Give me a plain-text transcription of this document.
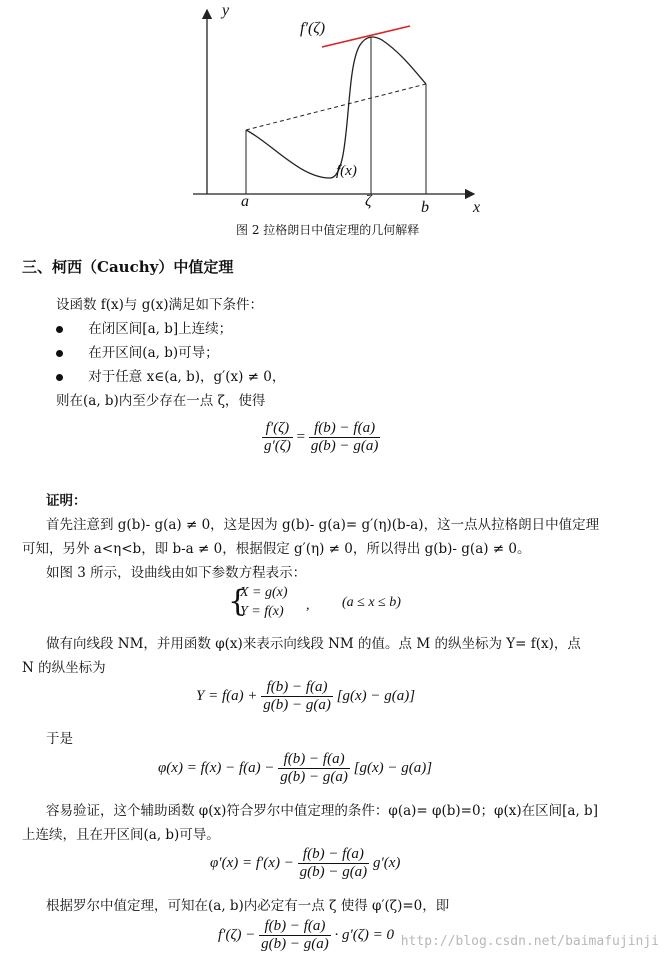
y
x
f′(ζ)
f(x)
a	ζ	b
图 2 拉格朗日中值定理的几何解释
三、柯西（Cauchy）中值定理
设函数 f(x)与 g(x)满足如下条件：
在闭区间[a, b]上连续；
在开区间(a, b)可导；
对于任意 x∈(a, b)，g′(x) ≠ 0，
则在(a, b)内至少存在一点 ζ，使得
$\frac{f'(\zeta)}{g'(\zeta)} = \frac{f(b) - f(a)}{g(b) - g(a)}$
证明：
首先注意到 g(b)- g(a) ≠ 0，这是因为 g(b)- g(a)= g′(η)(b-a)，这一点从拉格朗日中值定理
可知，另外 a<η<b，即 b-a ≠ 0，根据假定 g′(η) ≠ 0，所以得出 g(b)- g(a) ≠ 0。
如图 3 所示，设曲线由如下参数方程表示：
{
X = g(x)
Y = f(x) , (a ≤ x ≤ b)
做有向线段 NM，并用函数 φ(x)来表示向线段 NM 的值。点 M 的纵坐标为 Y= f(x)，点
N 的纵坐标为
$Y = f(a) + \frac{f(b) - f(a)}{g(b) - g(a)} [g(x) - g(a)]$
于是
$\varphi(x) = f(x) - f(a) - \frac{f(b) - f(a)}{g(b) - g(a)} [g(x) - g(a)]$
容易验证，这个辅助函数 φ(x)符合罗尔中值定理的条件：φ(a)= φ(b)=0；φ(x)在区间[a, b]
上连续，且在开区间(a, b)可导。
$\varphi'(x) = f'(x) - \frac{f(b) - f(a)}{g(b) - g(a)} g'(x)$
根据罗尔中值定理，可知在(a, b)内必定有一点 ζ 使得 φ′(ζ)=0，即
$f'(\zeta) - \frac{f(b) - f(a)}{g(b) - g(a)} \cdot g'(\zeta) = 0$ http://blog.csdn.net/baimafujinji
